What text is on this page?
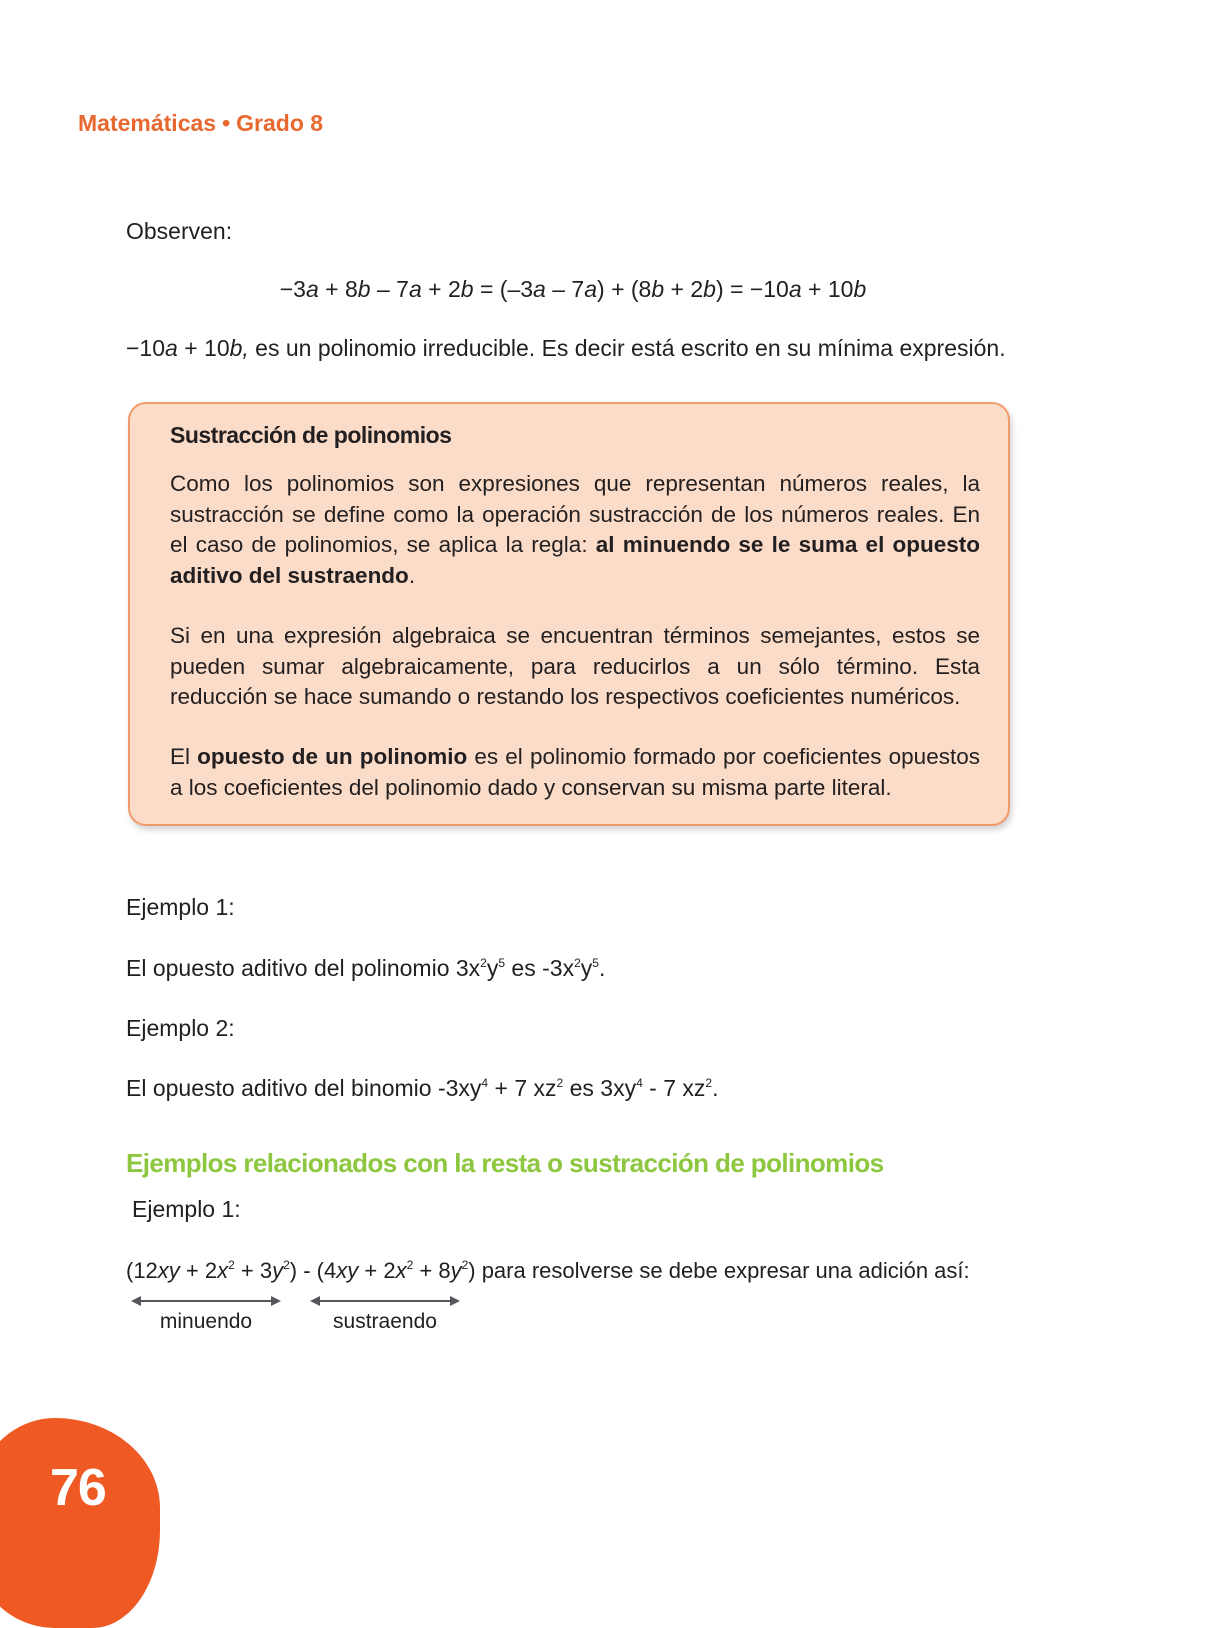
Matemáticas • Grado 8
Observen:
−3a + 8b – 7a + 2b = (–3a – 7a) + (8b + 2b) = −10a + 10b
−10a + 10b, es un polinomio irreducible. Es decir está escrito en su mínima expresión.
Sustracción de polinomios
Como los polinomios son expresiones que representan números reales, la sustracción se define como la operación sustracción de los números reales. En el caso de polinomios, se aplica la regla: al minuendo se le suma el opuesto aditivo del sustraendo.
Si en una expresión algebraica se encuentran términos semejantes, estos se pueden sumar algebraicamente, para reducirlos a un sólo término. Esta reducción se hace sumando o restando los respectivos coeficientes numéricos.
El opuesto de un polinomio es el polinomio formado por coeficientes opuestos a los coeficientes del polinomio dado y conservan su misma parte literal.
Ejemplo 1:
El opuesto aditivo del polinomio $3x^2y^5$ es $-3x^2y^5$.
Ejemplo 2:
El opuesto aditivo del binomio $-3xy^4 + 7$ $xz^2$ es $3xy^4 - 7$ $xz^2$.
Ejemplos relacionados con la resta o sustracción de polinomios
Ejemplo 1:
$(12xy + 2x^2 + 3y^2) - (4xy + 2x^2 + 8y^2)$ para resolverse se debe expresar una adición así:
minuendo	sustraendo
76
